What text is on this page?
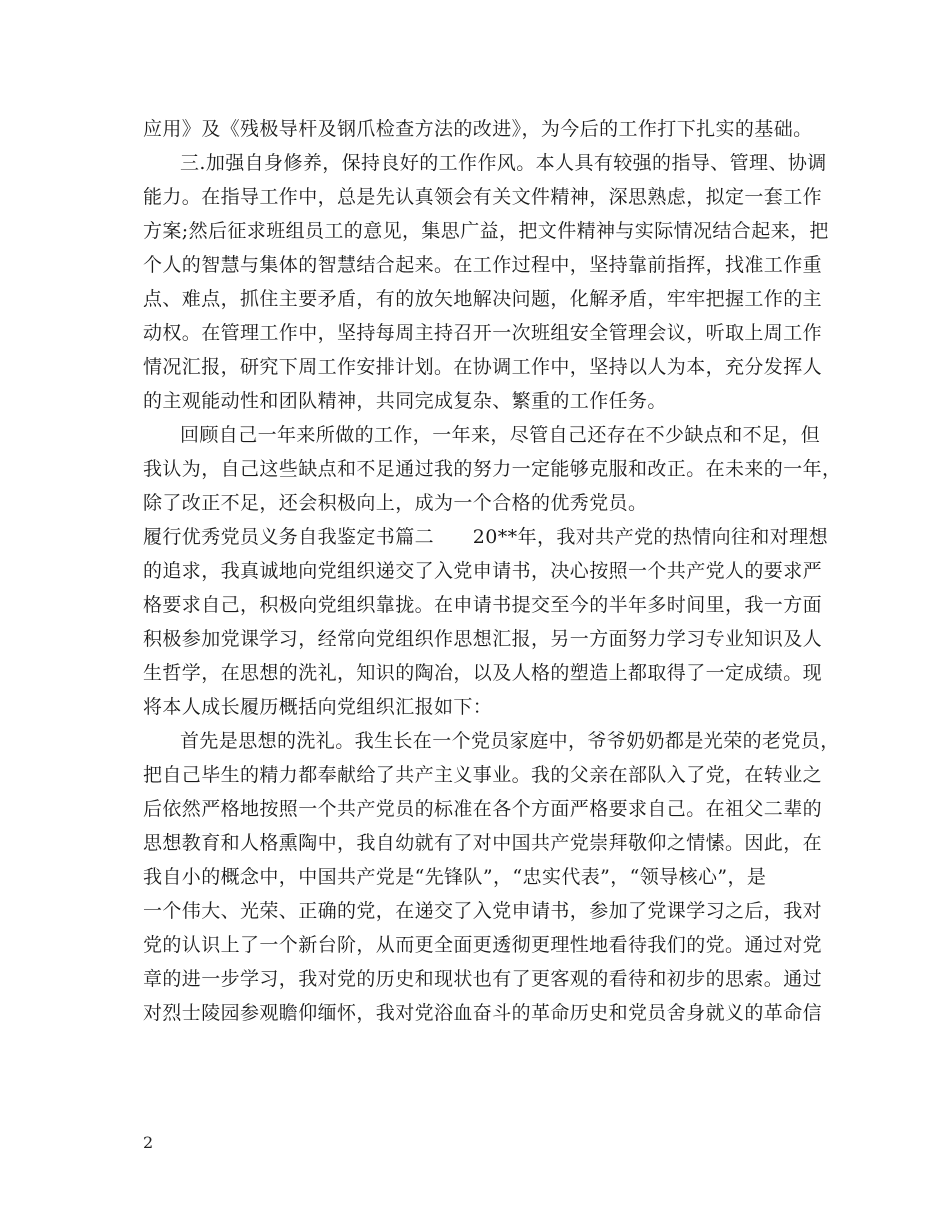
应用》及《残极导杆及钢爪检查方法的改进》，为今后的工作打下扎实的基础。
三.加强自身修养，保持良好的工作作风。本人具有较强的指导、管理、协调
能力。在指导工作中，总是先认真领会有关文件精神，深思熟虑，拟定一套工作
方案;然后征求班组员工的意见，集思广益，把文件精神与实际情况结合起来，把
个人的智慧与集体的智慧结合起来。在工作过程中，坚持靠前指挥，找准工作重
点、难点，抓住主要矛盾，有的放矢地解决问题，化解矛盾，牢牢把握工作的主
动权。在管理工作中，坚持每周主持召开一次班组安全管理会议，听取上周工作
情况汇报，研究下周工作安排计划。在协调工作中，坚持以人为本，充分发挥人
的主观能动性和团队精神，共同完成复杂、繁重的工作任务。
回顾自己一年来所做的工作，一年来，尽管自己还存在不少缺点和不足，但
我认为，自己这些缺点和不足通过我的努力一定能够克服和改正。在未来的一年，
除了改正不足，还会积极向上，成为一个合格的优秀党员。
履行优秀党员义务自我鉴定书篇二　　20**年，我对共产党的热情向往和对理想
的追求，我真诚地向党组织递交了入党申请书，决心按照一个共产党人的要求严
格要求自己，积极向党组织靠拢。在申请书提交至今的半年多时间里，我一方面
积极参加党课学习，经常向党组织作思想汇报，另一方面努力学习专业知识及人
生哲学，在思想的洗礼，知识的陶冶，以及人格的塑造上都取得了一定成绩。现
将本人成长履历概括向党组织汇报如下：
首先是思想的洗礼。我生长在一个党员家庭中，爷爷奶奶都是光荣的老党员，
把自己毕生的精力都奉献给了共产主义事业。我的父亲在部队入了党，在转业之
后依然严格地按照一个共产党员的标准在各个方面严格要求自己。在祖父二辈的
思想教育和人格熏陶中，我自幼就有了对中国共产党崇拜敬仰之情愫。因此，在
我自小的概念中，中国共产党是“先锋队”，“忠实代表”，“领导核心”，是
一个伟大、光荣、正确的党，在递交了入党申请书，参加了党课学习之后，我对
党的认识上了一个新台阶，从而更全面更透彻更理性地看待我们的党。通过对党
章的进一步学习，我对党的历史和现状也有了更客观的看待和初步的思索。通过
对烈士陵园参观瞻仰缅怀，我对党浴血奋斗的革命历史和党员舍身就义的革命信
2
